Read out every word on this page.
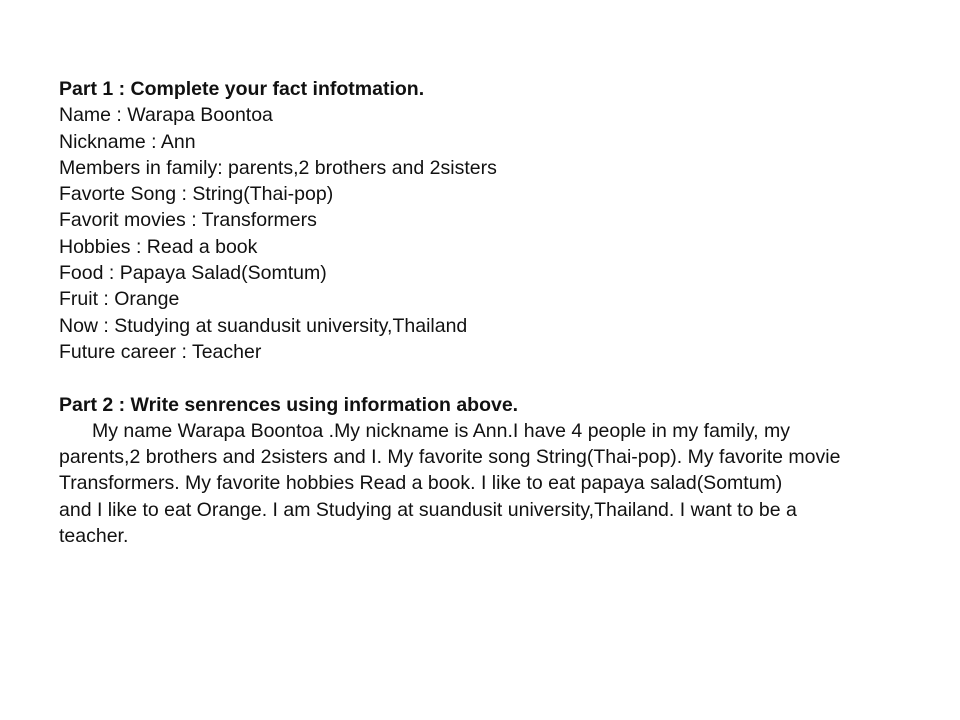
Part 1 : Complete your fact infotmation.

Name : Warapa Boontoa
Nickname : Ann
Members in family: parents,2 brothers and 2sisters
Favorte Song : String(Thai-pop)
Favorit movies : Transformers
Hobbies : Read a book
Food : Papaya Salad(Somtum)
Fruit : Orange
Now : Studying at suandusit university,Thailand
Future career : Teacher

Part 2 : Write senrences using information above.

My name Warapa Boontoa .My nickname is Ann.I have 4 people in my family, my
parents,2 brothers and 2sisters and I. My favorite song String(Thai-pop). My favorite movie
Transformers. My favorite hobbies Read a book. I like to eat papaya salad(Somtum)
and I like to eat Orange. I am Studying at suandusit university,Thailand. I want to be a
teacher.
